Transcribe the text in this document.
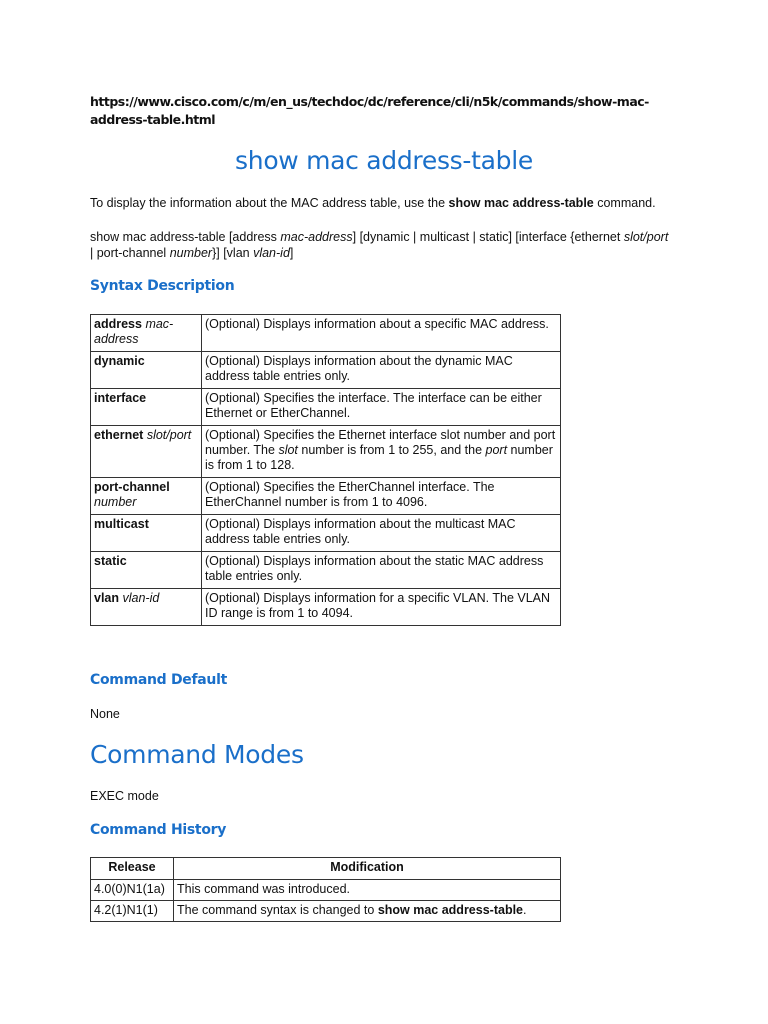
https://www.cisco.com/c/m/en_us/techdoc/dc/reference/cli/n5k/commands/show-mac-address-table.html
show mac address-table
To display the information about the MAC address table, use the show mac address-table command.
show mac address-table [address mac-address] [dynamic | multicast | static] [interface {ethernet slot/port | port-channel number}] [vlan vlan-id]
Syntax Description
address mac-address	(Optional) Displays information about a specific MAC address.
dynamic	(Optional) Displays information about the dynamic MAC address table entries only.
interface	(Optional) Specifies the interface. The interface can be either Ethernet or EtherChannel.
ethernet slot/port	(Optional) Specifies the Ethernet interface slot number and port number. The slot number is from 1 to 255, and the port number is from 1 to 128.
port-channel number	(Optional) Specifies the EtherChannel interface. The EtherChannel number is from 1 to 4096.
multicast	(Optional) Displays information about the multicast MAC address table entries only.
static	(Optional) Displays information about the static MAC address table entries only.
vlan vlan-id	(Optional) Displays information for a specific VLAN. The VLAN ID range is from 1 to 4094.
Command Default
None
Command Modes
EXEC mode
Command History
Release	Modification
4.0(0)N1(1a)	This command was introduced.
4.2(1)N1(1)	The command syntax is changed to show mac address-table.
